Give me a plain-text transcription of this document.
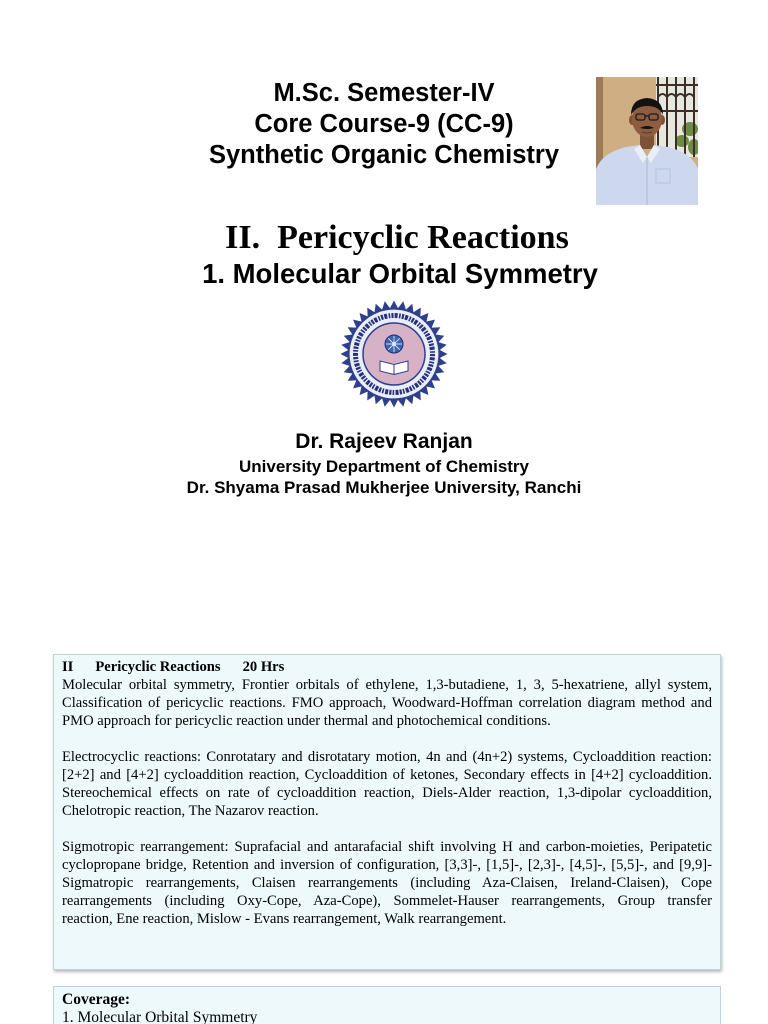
M.Sc. Semester-IV
Core Course-9 (CC-9)
Synthetic Organic Chemistry
II.  Pericyclic Reactions
1. Molecular Orbital Symmetry
Dr. Rajeev Ranjan
University Department of Chemistry
Dr. Shyama Prasad Mukherjee University, Ranchi
II Pericyclic Reactions 20 Hrs
Molecular orbital symmetry, Frontier orbitals of ethylene, 1,3-butadiene, 1, 3, 5-hexatriene, allyl system,
Classification of pericyclic reactions. FMO approach, Woodward-Hoffman correlation diagram method and
PMO approach for pericyclic reaction under thermal and photochemical conditions.
Electrocyclic reactions: Conrotatary and disrotatary motion, 4n and (4n+2) systems, Cycloaddition reaction:
[2+2] and [4+2] cycloaddition reaction, Cycloaddition of ketones, Secondary effects in [4+2] cycloaddition.
Stereochemical effects on rate of cycloaddition reaction, Diels-Alder reaction, 1,3-dipolar cycloaddition,
Chelotropic reaction, The Nazarov reaction.
Sigmotropic rearrangement: Suprafacial and antarafacial shift involving H and carbon-moieties, Peripatetic
cyclopropane bridge, Retention and inversion of configuration, [3,3]-, [1,5]-, [2,3]-, [4,5]-, [5,5]-, and [9,9]-
Sigmatropic rearrangements, Claisen rearrangements (including Aza-Claisen, Ireland-Claisen), Cope
rearrangements (including Oxy-Cope, Aza-Cope), Sommelet-Hauser rearrangements, Group transfer
reaction, Ene reaction, Mislow - Evans rearrangement, Walk rearrangement.
Coverage:
1. Molecular Orbital Symmetry
